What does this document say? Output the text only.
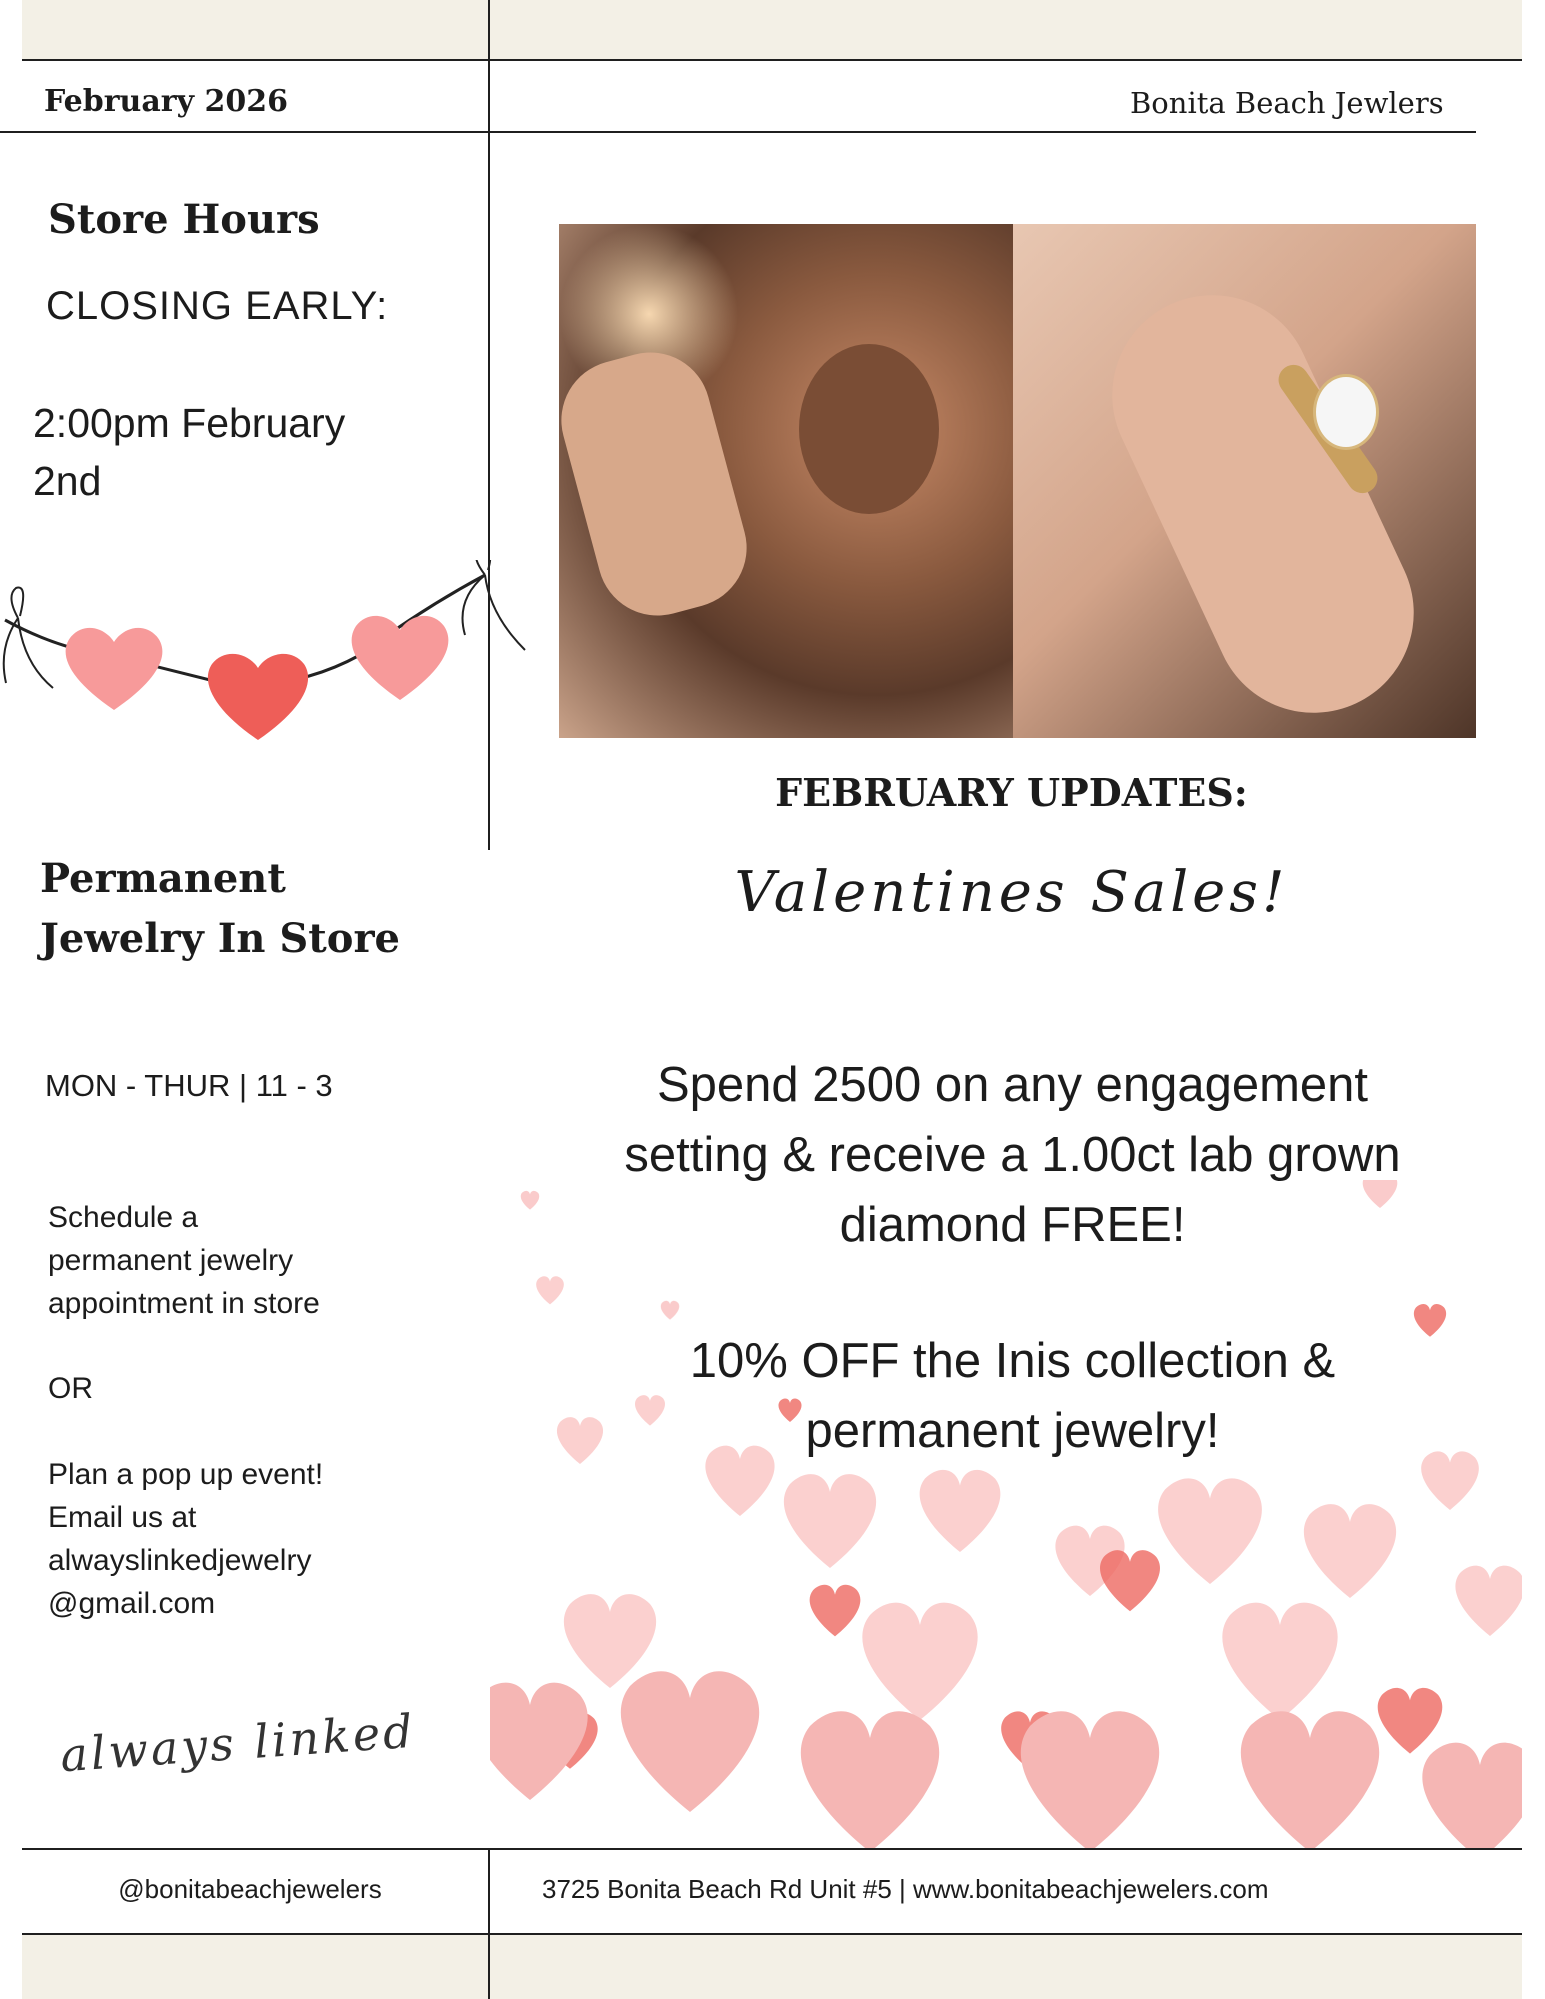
February 2026	Bonita Beach Jewlers
Store Hours
CLOSING EARLY:
2:00pm February
2nd
Permanent
Jewelry In Store
MON - THUR | 11 - 3
Schedule a
permanent jewelry
appointment in store
OR
Plan a pop up event!
Email us at
alwayslinkedjewelry
@gmail.com
always linked
FEBRUARY UPDATES:
Valentines Sales!
Spend 2500 on any engagement
setting & receive a 1.00ct lab grown
diamond FREE!
10% OFF the Inis collection &
permanent jewelry!
@bonitabeachjewelers	3725 Bonita Beach Rd Unit #5 | www.bonitabeachjewelers.com
